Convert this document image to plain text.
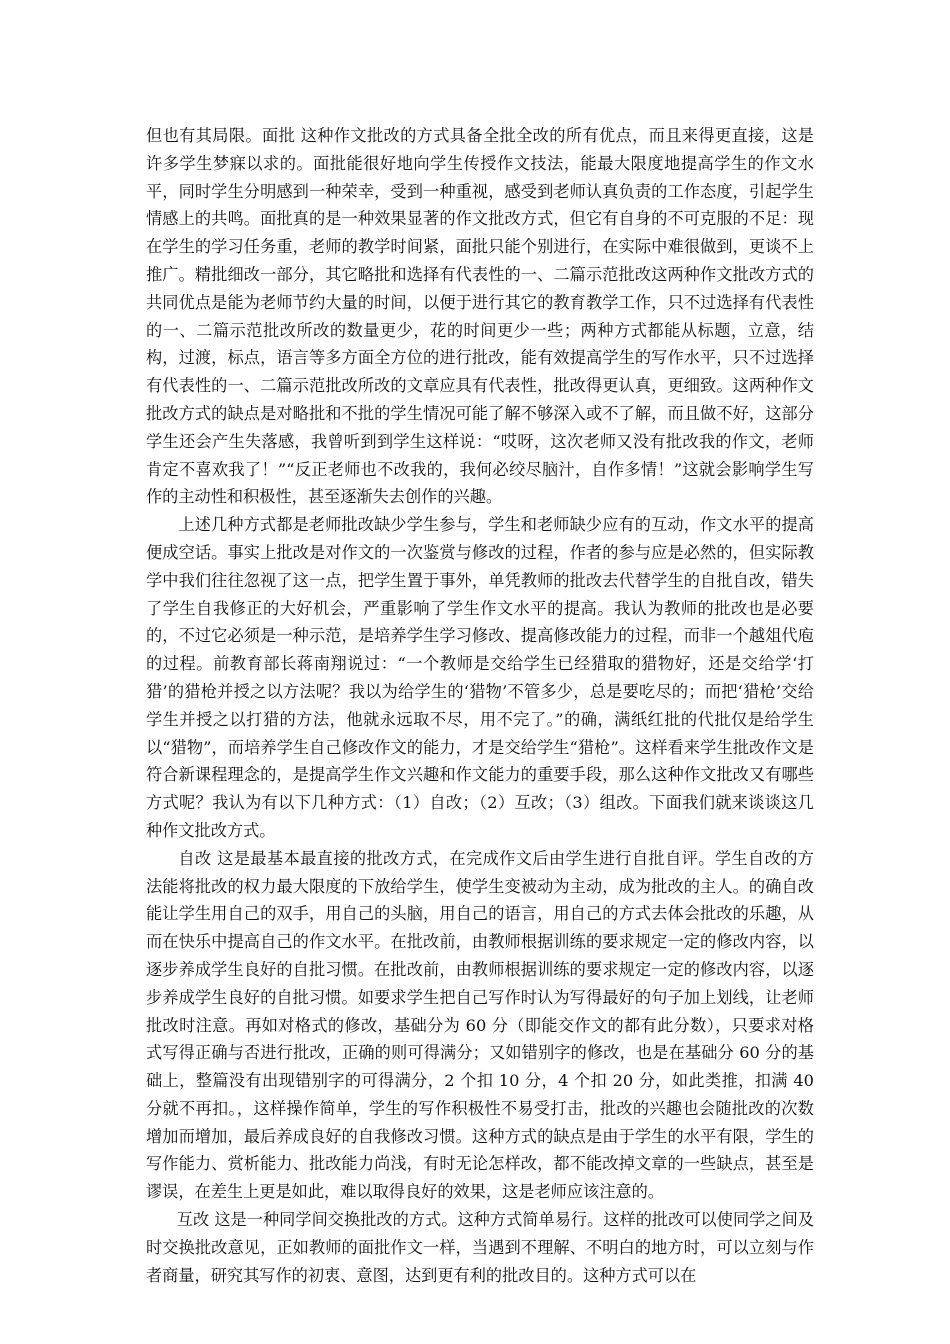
但也有其局限。面批 这种作文批改的方式具备全批全改的所有优点，而且来得更直接，这是许多学生梦寐以求的。面批能很好地向学生传授作文技法，能最大限度地提高学生的作文水平，同时学生分明感到一种荣幸，受到一种重视，感受到老师认真负责的工作态度，引起学生情感上的共鸣。面批真的是一种效果显著的作文批改方式，但它有自身的不可克服的不足：现在学生的学习任务重，老师的教学时间紧，面批只能个别进行，在实际中难很做到，更谈不上推广。精批细改一部分，其它略批和选择有代表性的一、二篇示范批改这两种作文批改方式的共同优点是能为老师节约大量的时间，以便于进行其它的教育教学工作，只不过选择有代表性的一、二篇示范批改所改的数量更少，花的时间更少一些；两种方式都能从标题，立意，结构，过渡，标点，语言等多方面全方位的进行批改，能有效提高学生的写作水平，只不过选择有代表性的一、二篇示范批改所改的文章应具有代表性，批改得更认真，更细致。这两种作文批改方式的缺点是对略批和不批的学生情况可能了解不够深入或不了解，而且做不好，这部分学生还会产生失落感，我曾听到到学生这样说：“哎呀，这次老师又没有批改我的作文，老师肯定不喜欢我了！”“反正老师也不改我的，我何必绞尽脑汁，自作多情！”这就会影响学生写作的主动性和积极性，甚至逐渐失去创作的兴趣。

上述几种方式都是老师批改缺少学生参与，学生和老师缺少应有的互动，作文水平的提高便成空话。事实上批改是对作文的一次鉴赏与修改的过程，作者的参与应是必然的，但实际教学中我们往往忽视了这一点，把学生置于事外，单凭教师的批改去代替学生的自批自改，错失了学生自我修正的大好机会，严重影响了学生作文水平的提高。我认为教师的批改也是必要的，不过它必须是一种示范，是培养学生学习修改、提高修改能力的过程，而非一个越俎代庖的过程。前教育部长蒋南翔说过：“一个教师是交给学生已经猎取的猎物好，还是交给学‘打猎’的猎枪并授之以方法呢？我以为给学生的‘猎物’不管多少，总是要吃尽的；而把‘猎枪’交给学生并授之以打猎的方法，他就永远取不尽，用不完了。”的确，满纸红批的代批仅是给学生以“猎物”，而培养学生自己修改作文的能力，才是交给学生“猎枪”。这样看来学生批改作文是符合新课程理念的，是提高学生作文兴趣和作文能力的重要手段，那么这种作文批改又有哪些方式呢？我认为有以下几种方式：（1）自改；（2）互改；（3）组改。下面我们就来谈谈这几种作文批改方式。

自改 这是最基本最直接的批改方式，在完成作文后由学生进行自批自评。学生自改的方法能将批改的权力最大限度的下放给学生，使学生变被动为主动，成为批改的主人。的确自改能让学生用自己的双手，用自己的头脑，用自己的语言，用自己的方式去体会批改的乐趣，从而在快乐中提高自己的作文水平。在批改前，由教师根据训练的要求规定一定的修改内容，以逐步养成学生良好的自批习惯。在批改前，由教师根据训练的要求规定一定的修改内容，以逐步养成学生良好的自批习惯。如要求学生把自己写作时认为写得最好的句子加上划线，让老师批改时注意。再如对格式的修改，基础分为 60 分（即能交作文的都有此分数），只要求对格式写得正确与否进行批改，正确的则可得满分；又如错别字的修改，也是在基础分 60 分的基础上，整篇没有出现错别字的可得满分，2 个扣 10 分，4 个扣 20 分，如此类推，扣满 40 分就不再扣。，这样操作简单，学生的写作积极性不易受打击，批改的兴趣也会随批改的次数增加而增加，最后养成良好的自我修改习惯。这种方式的缺点是由于学生的水平有限，学生的写作能力、赏析能力、批改能力尚浅，有时无论怎样改，都不能改掉文章的一些缺点，甚至是谬误，在差生上更是如此，难以取得良好的效果，这是老师应该注意的。

互改 这是一种同学间交换批改的方式。这种方式简单易行。这样的批改可以使同学之间及时交换批改意见，正如教师的面批作文一样，当遇到不理解、不明白的地方时，可以立刻与作者商量，研究其写作的初衷、意图，达到更有利的批改目的。这种方式可以在
